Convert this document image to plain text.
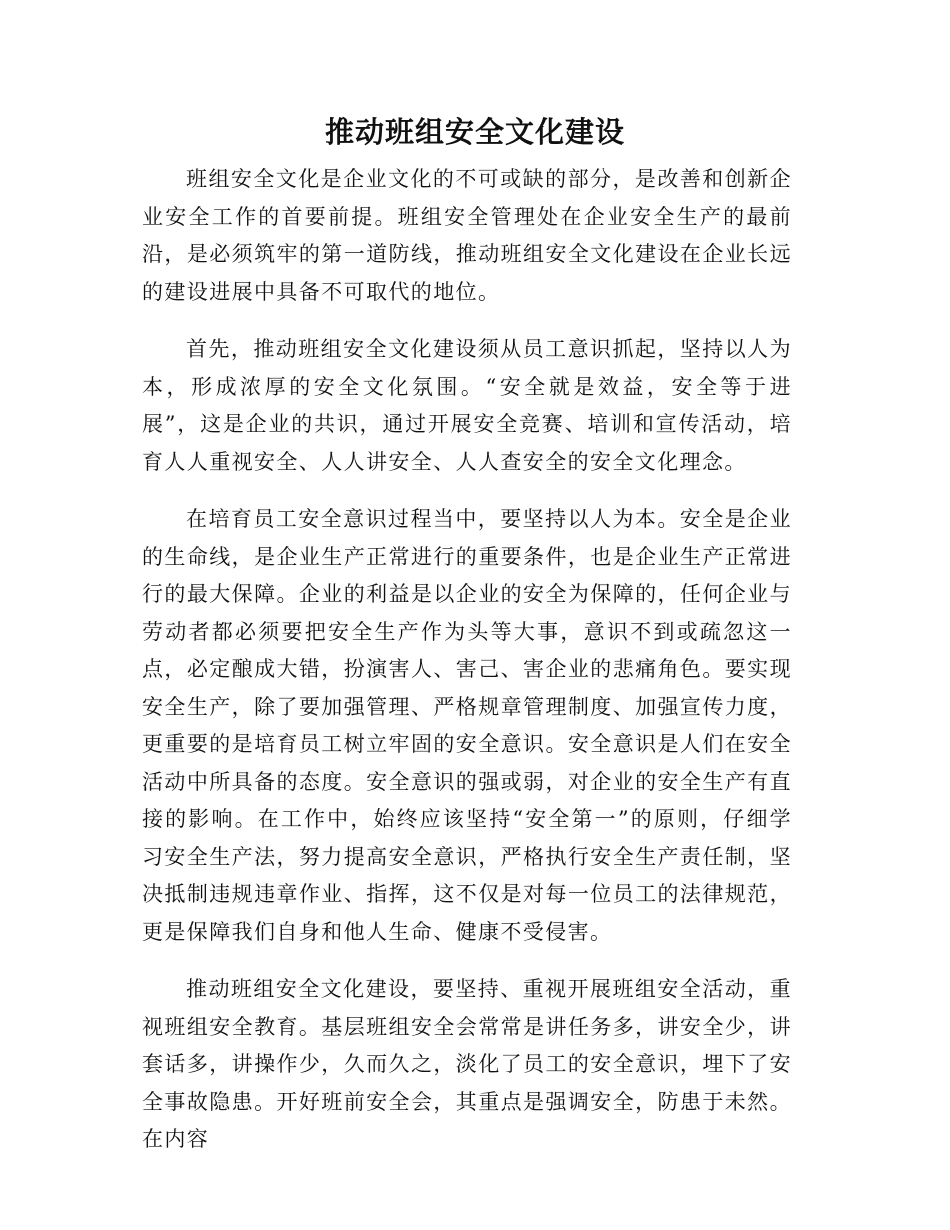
推动班组安全文化建设

班组安全文化是企业文化的不可或缺的部分，是改善和创新企业安全工作的首要前提。班组安全管理处在企业安全生产的最前沿，是必须筑牢的第一道防线，推动班组安全文化建设在企业长远的建设进展中具备不可取代的地位。

首先，推动班组安全文化建设须从员工意识抓起，坚持以人为本，形成浓厚的安全文化氛围。“安全就是效益，安全等于进展”，这是企业的共识，通过开展安全竞赛、培训和宣传活动，培育人人重视安全、人人讲安全、人人查安全的安全文化理念。

在培育员工安全意识过程当中，要坚持以人为本。安全是企业的生命线，是企业生产正常进行的重要条件，也是企业生产正常进行的最大保障。企业的利益是以企业的安全为保障的，任何企业与劳动者都必须要把安全生产作为头等大事，意识不到或疏忽这一点，必定酿成大错，扮演害人、害己、害企业的悲痛角色。要实现安全生产，除了要加强管理、严格规章管理制度、加强宣传力度，更重要的是培育员工树立牢固的安全意识。安全意识是人们在安全活动中所具备的态度。安全意识的强或弱，对企业的安全生产有直接的影响。在工作中，始终应该坚持“安全第一”的原则，仔细学习安全生产法，努力提高安全意识，严格执行安全生产责任制，坚决抵制违规违章作业、指挥，这不仅是对每一位员工的法律规范，更是保障我们自身和他人生命、健康不受侵害。

推动班组安全文化建设，要坚持、重视开展班组安全活动，重视班组安全教育。基层班组安全会常常是讲任务多，讲安全少，讲套话多，讲操作少，久而久之，淡化了员工的安全意识，埋下了安全事故隐患。开好班前安全会，其重点是强调安全，防患于未然。在内容
